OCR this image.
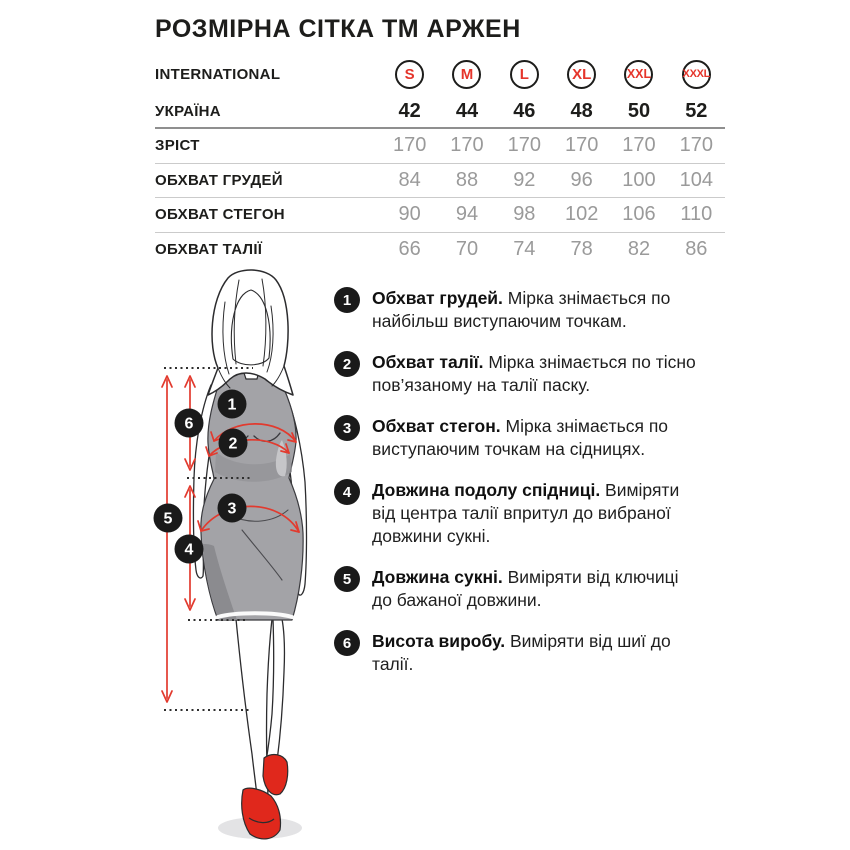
РОЗМІРНА СІТКА ТМ АРЖЕН
INTERNATIONAL	S	M	L	XL	XXL	XXXL
УКРАЇНА	42 44 46 48 50 52
ЗРІСТ	170 170 170 170 170 170
ОБХВАТ ГРУДЕЙ	84 88 92 96 100 104
ОБХВАТ СТЕГОН	90 94 98 102 106 110
ОБХВАТ ТАЛІЇ	66 70 74 78 82 86
1
2
3
4
5
6
1	Обхват грудей. Мірка знімається по найбільш виступаючим точкам.
2	Обхват талії. Мірка знімається по тісно пов’язаному на талії паску.
3	Обхват стегон. Мірка знімається по виступаючим точкам на сідницях.
4	Довжина подолу спідниці. Виміряти від центра талії впритул до вибраної довжини сукні.
5	Довжина сукні. Виміряти від ключиці до бажаної довжини.
6	Висота виробу. Виміряти від шиї до талії.
